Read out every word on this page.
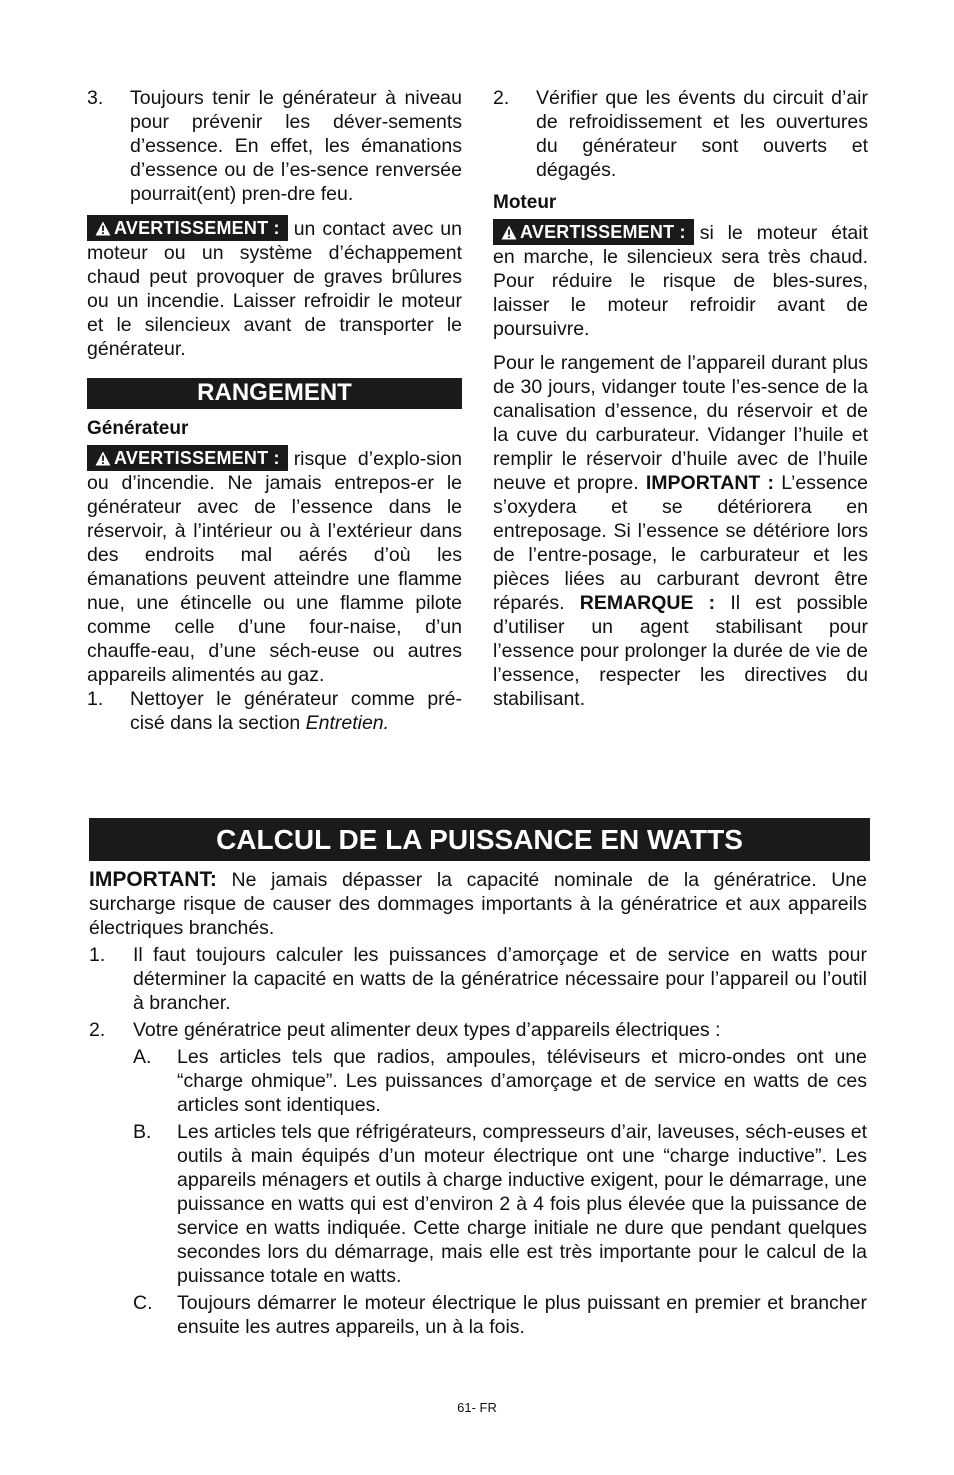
3.	Toujours tenir le générateur à niveau pour prévenir les déver-sements d’essence. En effet, les émanations d’essence ou de l’es-sence renversée pourrait(ent) pren-dre feu.

AVERTISSEMENT : un contact avec un moteur ou un système d’échappement chaud peut provoquer de graves brûlures ou un incendie. Laisser refroidir le moteur et le silencieux avant de transporter le générateur.

RANGEMENT
Générateur

AVERTISSEMENT : risque d’explo-sion ou d’incendie. Ne jamais entrepos-er le générateur avec de l’essence dans le réservoir, à l’intérieur ou à l’extérieur dans des endroits mal aérés d’où les émanations peuvent atteindre une flamme nue, une étincelle ou une flamme pilote comme celle d’une four-naise, d’un chauffe-eau, d’une séch-euse ou autres appareils alimentés au gaz.

1.	Nettoyer le générateur comme pré-cisé dans la section Entretien.
2.	Vérifier que les évents du circuit d’air de refroidissement et les ouvertures du générateur sont ouverts et dégagés.
Moteur

AVERTISSEMENT : si le moteur était en marche, le silencieux sera très chaud. Pour réduire le risque de bles-sures, laisser le moteur refroidir avant de poursuivre.

Pour le rangement de l’appareil durant plus de 30 jours, vidanger toute l’es-sence de la canalisation d’essence, du réservoir et de la cuve du carburateur. Vidanger l’huile et remplir le réservoir d’huile avec de l’huile neuve et propre. IMPORTANT : L’essence s’oxydera et se détériorera en entreposage. Si l’essence se détériore lors de l’entre-posage, le carburateur et les pièces liées au carburant devront être réparés. REMARQUE : Il est possible d’utiliser un agent stabilisant pour l’essence pour prolonger la durée de vie de l’essence, respecter les directives du stabilisant.

CALCUL DE LA PUISSANCE EN WATTS

IMPORTANT: Ne jamais dépasser la capacité nominale de la génératrice. Une surcharge risque de causer des dommages importants à la génératrice et aux appareils électriques branchés.

1.	Il faut toujours calculer les puissances d’amorçage et de service en watts pour déterminer la capacité en watts de la génératrice nécessaire pour l’appareil ou l’outil à brancher.
2.	Votre génératrice peut alimenter deux types d’appareils électriques :
A.	Les articles tels que radios, ampoules, téléviseurs et micro-ondes ont une “charge ohmique”. Les puissances d’amorçage et de service en watts de ces articles sont identiques.
B.	Les articles tels que réfrigérateurs, compresseurs d’air, laveuses, séch-euses et outils à main équipés d’un moteur électrique ont une “charge inductive”. Les appareils ménagers et outils à charge inductive exigent, pour le démarrage, une puissance en watts qui est d’environ 2 à 4 fois plus élevée que la puissance de service en watts indiquée. Cette charge initiale ne dure que pendant quelques secondes lors du démarrage, mais elle est très importante pour le calcul de la puissance totale en watts.
C.	Toujours démarrer le moteur électrique le plus puissant en premier et brancher ensuite les autres appareils, un à la fois.
61- FR
